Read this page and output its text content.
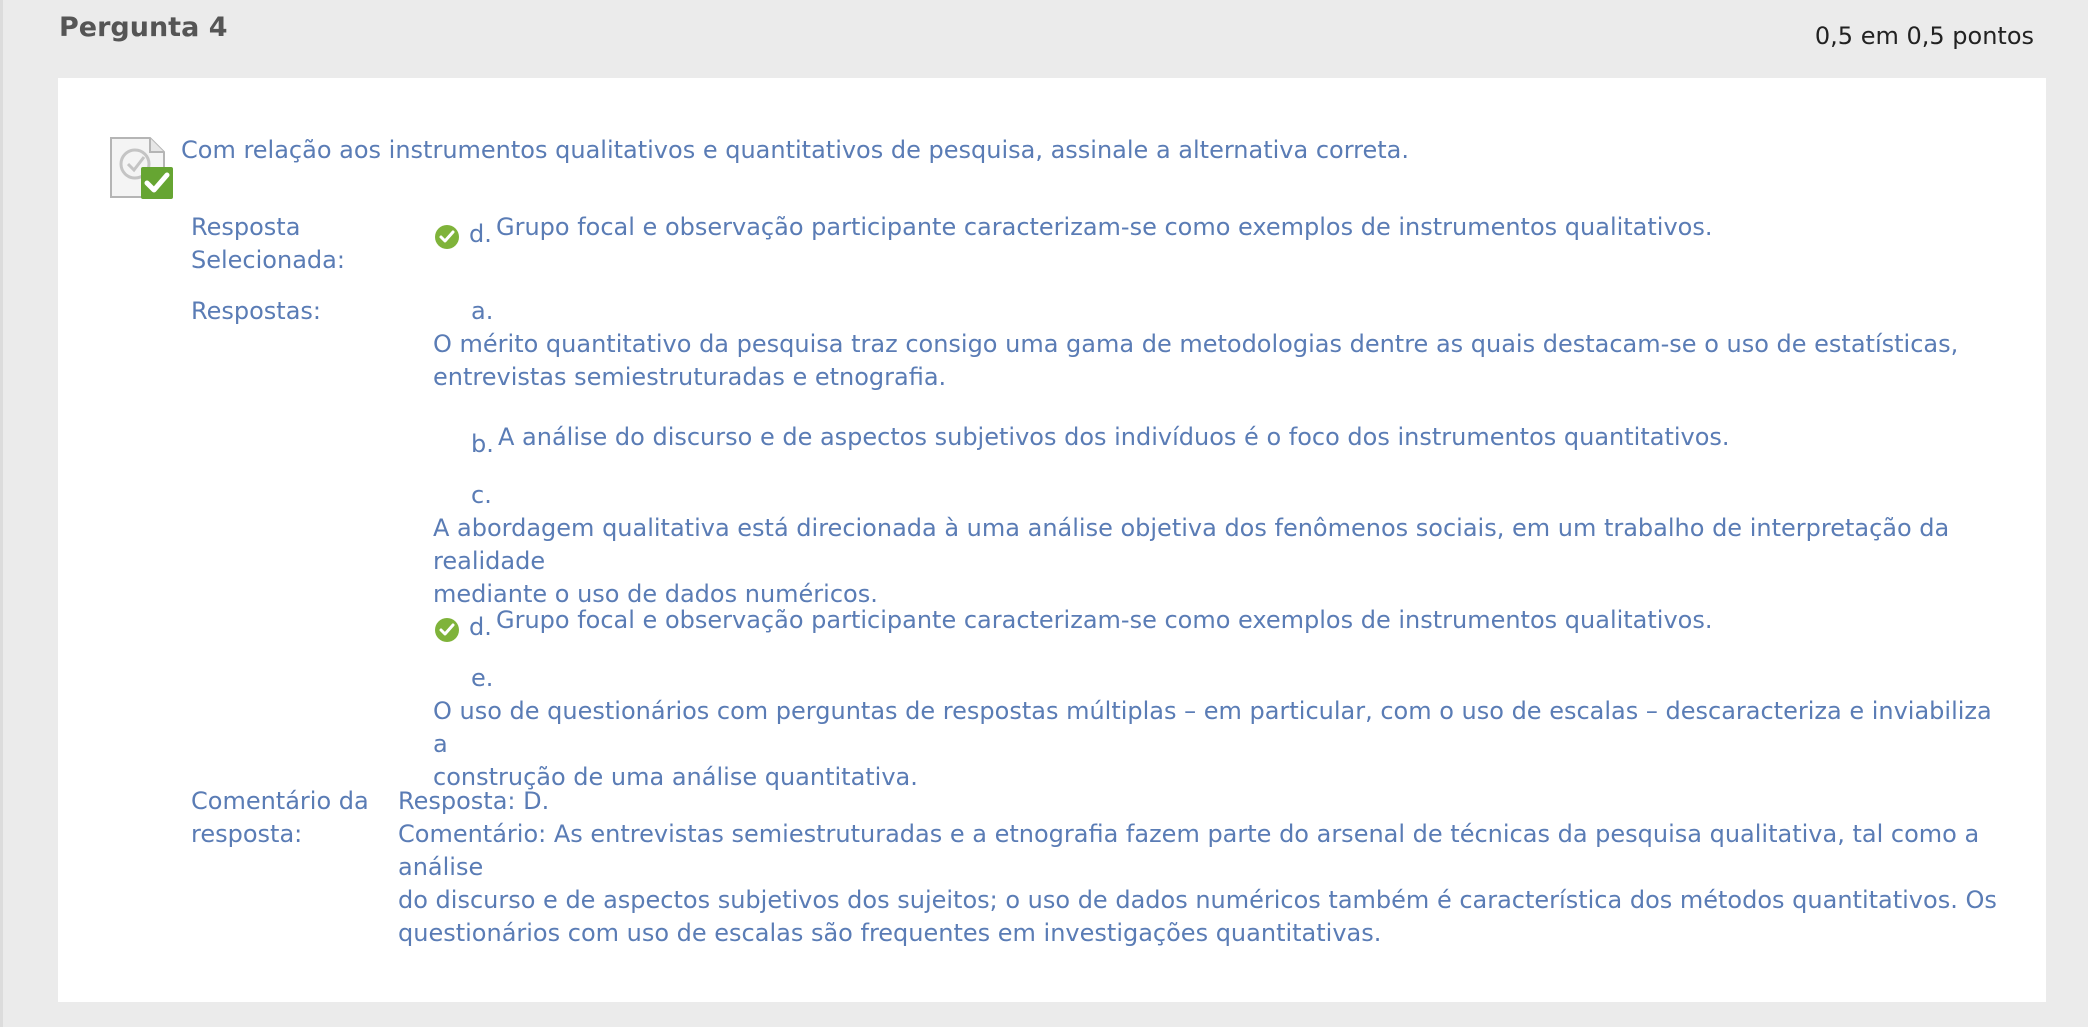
Pergunta 4	0,5 em 0,5 pontos
Com relação aos instrumentos qualitativos e quantitativos de pesquisa, assinale a alternativa correta.
Resposta
Selecionada:
d. Grupo focal e observação participante caracterizam-se como exemplos de instrumentos qualitativos.
Respostas:	a.
O mérito quantitativo da pesquisa traz consigo uma gama de metodologias dentre as quais destacam-se o uso de estatísticas,
entrevistas semiestruturadas e etnografia.
b. A análise do discurso e de aspectos subjetivos dos indivíduos é o foco dos instrumentos quantitativos.
c.
A abordagem qualitativa está direcionada à uma análise objetiva dos fenômenos sociais, em um trabalho de interpretação da realidade
mediante o uso de dados numéricos.
d. Grupo focal e observação participante caracterizam-se como exemplos de instrumentos qualitativos.
e.
O uso de questionários com perguntas de respostas múltiplas – em particular, com o uso de escalas – descaracteriza e inviabiliza a
construção de uma análise quantitativa.
Comentário da
resposta:
Resposta: D.
Comentário: As entrevistas semiestruturadas e a etnografia fazem parte do arsenal de técnicas da pesquisa qualitativa, tal como a análise
do discurso e de aspectos subjetivos dos sujeitos; o uso de dados numéricos também é característica dos métodos quantitativos. Os
questionários com uso de escalas são frequentes em investigações quantitativas.
